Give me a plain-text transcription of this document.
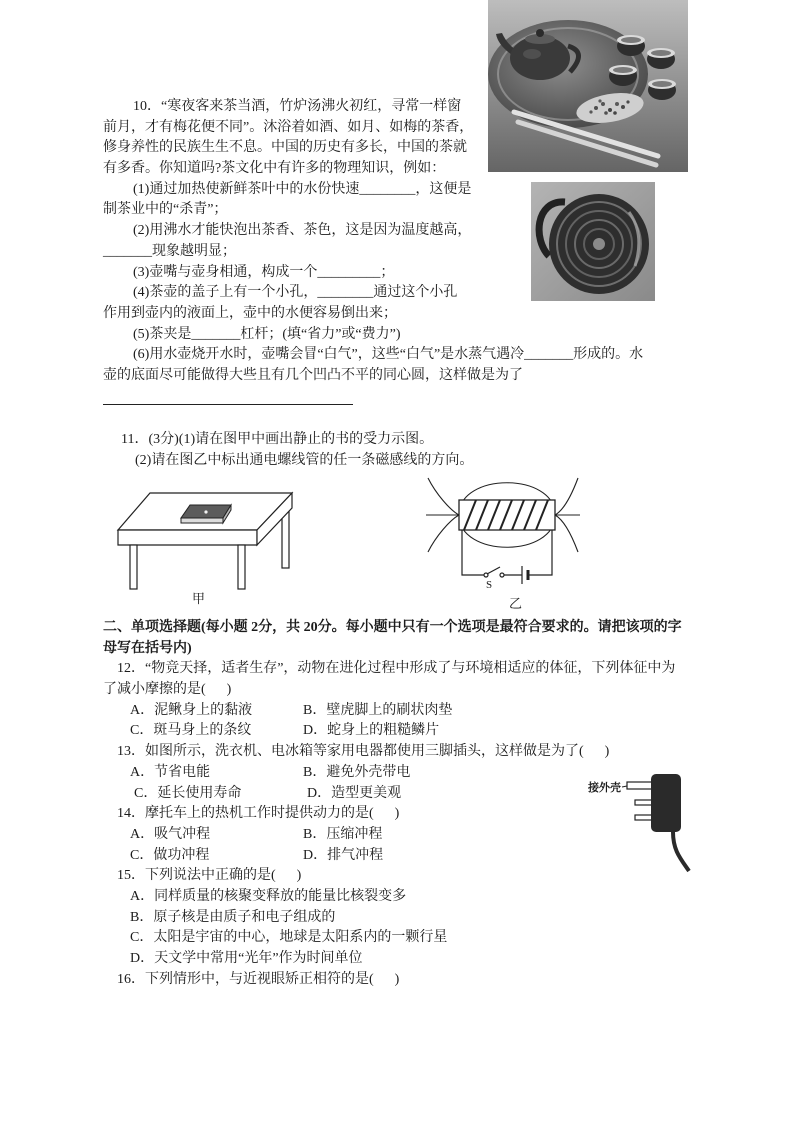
10．“寒夜客来茶当酒，竹炉汤沸火初红，寻常一样窗
前月，才有梅花便不同”。沐浴着如酒、如月、如梅的茶香，
修身养性的民族生生不息。中国的历史有多长，中国的茶就
有多香。你知道吗?茶文化中有许多的物理知识，例如：
(1)通过加热使新鲜茶叶中的水份快速________，这便是
制茶业中的“杀青”；
(2)用沸水才能快泡出茶香、茶色，这是因为温度越高，
_______现象越明显；
(3)壶嘴与壶身相通，构成一个_________；
(4)茶壶的盖子上有一个小孔，________通过这个小孔
作用到壶内的液面上，壶中的水便容易倒出来；
(5)茶夹是_______杠杆；(填“省力”或“费力”)
(6)用水壶烧开水时，壶嘴会冒“白气”，这些“白气”是水蒸气遇冷_______形成的。水
壶的底面尽可能做得大些且有几个凹凸不平的同心圆，这样做是为了
11．(3分)(1)请在图甲中画出静止的书的受力示图。
(2)请在图乙中标出通电螺线管的任一条磁感线的方向。
甲
S
乙
二、单项选择题(每小题 2分，共 20分。每小题中只有一个选项是最符合要求的。请把该项的字
母写在括号内)
12．“物竞天择，适者生存”，动物在进化过程中形成了与环境相适应的体征，下列体征中为
了减小摩擦的是(      )
A．泥鳅身上的黏液	B．壁虎脚上的刷状肉垫
C．斑马身上的条纹	D．蛇身上的粗糙鳞片
13．如图所示，洗衣机、电冰箱等家用电器都使用三脚插头，这样做是为了(      )
A．节省电能	B．避免外壳带电
C．延长使用寿命	D．造型更美观
14．摩托车上的热机工作时提供动力的是(      )
A．吸气冲程	B．压缩冲程
C．做功冲程	D．排气冲程
15．下列说法中正确的是(      )
A．同样质量的核聚变释放的能量比核裂变多
B．原子核是由质子和电子组成的
C．太阳是宇宙的中心，地球是太阳系内的一颗行星
D．天文学中常用“光年”作为时间单位
16．下列情形中，与近视眼矫正相符的是(      )
接外壳
